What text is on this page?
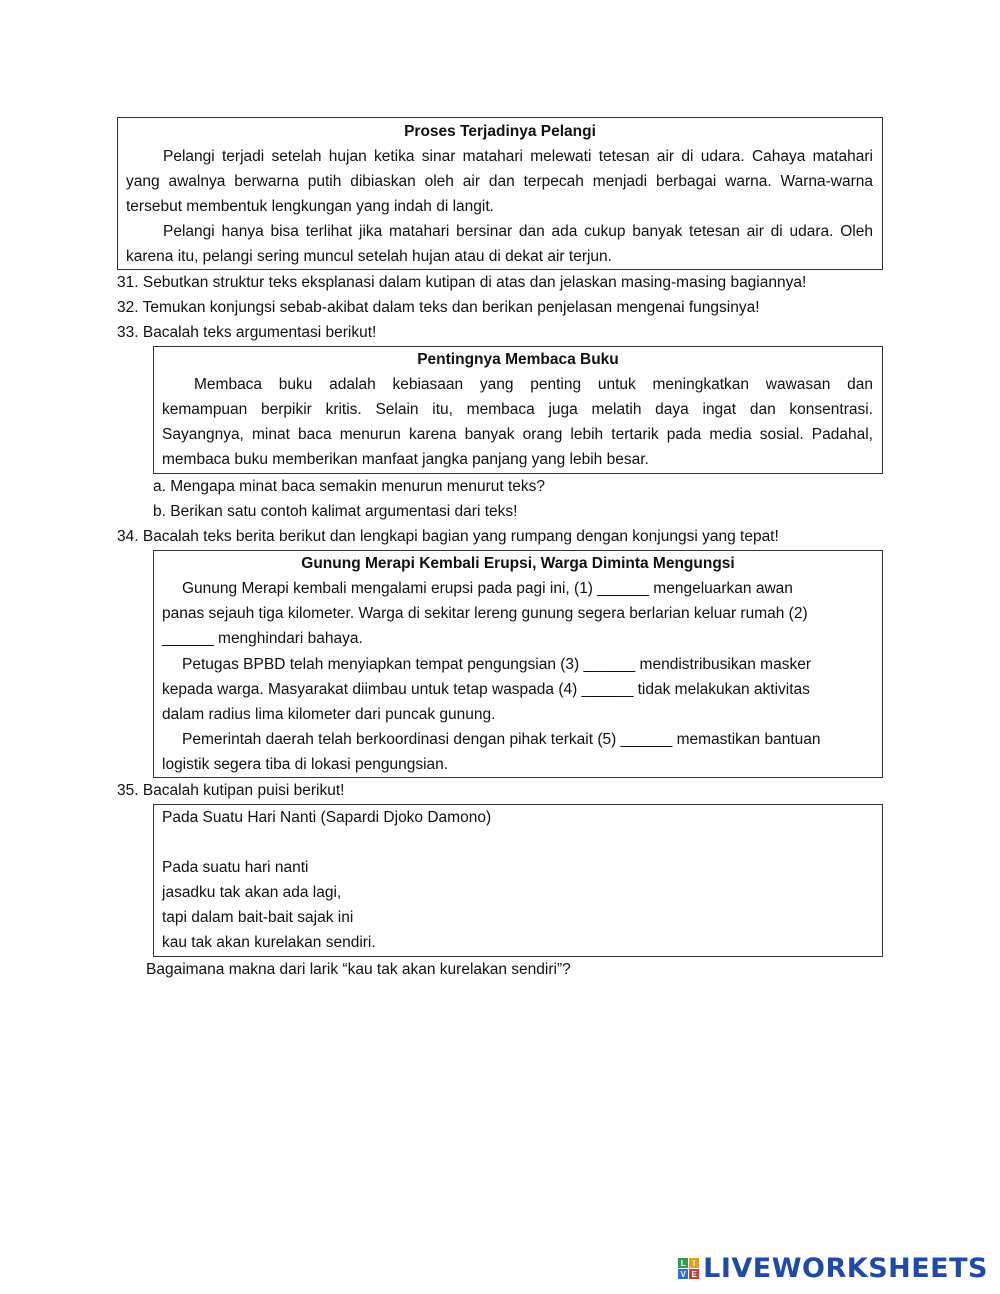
Proses Terjadinya Pelangi
Pelangi terjadi setelah hujan ketika sinar matahari melewati tetesan air di udara. Cahaya matahari
yang awalnya berwarna putih dibiaskan oleh air dan terpecah menjadi berbagai warna. Warna-warna
tersebut membentuk lengkungan yang indah di langit.
Pelangi hanya bisa terlihat jika matahari bersinar dan ada cukup banyak tetesan air di udara. Oleh
karena itu, pelangi sering muncul setelah hujan atau di dekat air terjun.
31. Sebutkan struktur teks eksplanasi dalam kutipan di atas dan jelaskan masing-masing bagiannya!
32. Temukan konjungsi sebab-akibat dalam teks dan berikan penjelasan mengenai fungsinya!
33. Bacalah teks argumentasi berikut!
Pentingnya Membaca Buku
Membaca buku adalah kebiasaan yang penting untuk meningkatkan wawasan dan
kemampuan berpikir kritis. Selain itu, membaca juga melatih daya ingat dan konsentrasi.
Sayangnya, minat baca menurun karena banyak orang lebih tertarik pada media sosial. Padahal,
membaca buku memberikan manfaat jangka panjang yang lebih besar.
a. Mengapa minat baca semakin menurun menurut teks?
b. Berikan satu contoh kalimat argumentasi dari teks!
34. Bacalah teks berita berikut dan lengkapi bagian yang rumpang dengan konjungsi yang tepat!
Gunung Merapi Kembali Erupsi, Warga Diminta Mengungsi
Gunung Merapi kembali mengalami erupsi pada pagi ini, (1) ______ mengeluarkan awan
panas sejauh tiga kilometer. Warga di sekitar lereng gunung segera berlarian keluar rumah (2)
______ menghindari bahaya.
Petugas BPBD telah menyiapkan tempat pengungsian (3) ______ mendistribusikan masker
kepada warga. Masyarakat diimbau untuk tetap waspada (4) ______ tidak melakukan aktivitas
dalam radius lima kilometer dari puncak gunung.
Pemerintah daerah telah berkoordinasi dengan pihak terkait (5) ______ memastikan bantuan
logistik segera tiba di lokasi pengungsian.
35. Bacalah kutipan puisi berikut!
Pada Suatu Hari Nanti (Sapardi Djoko Damono)
Pada suatu hari nanti
jasadku tak akan ada lagi,
tapi dalam bait-bait sajak ini
kau tak akan kurelakan sendiri.
Bagaimana makna dari larik “kau tak akan kurelakan sendiri”?
L I
V E LIVEWORKSHEETS
